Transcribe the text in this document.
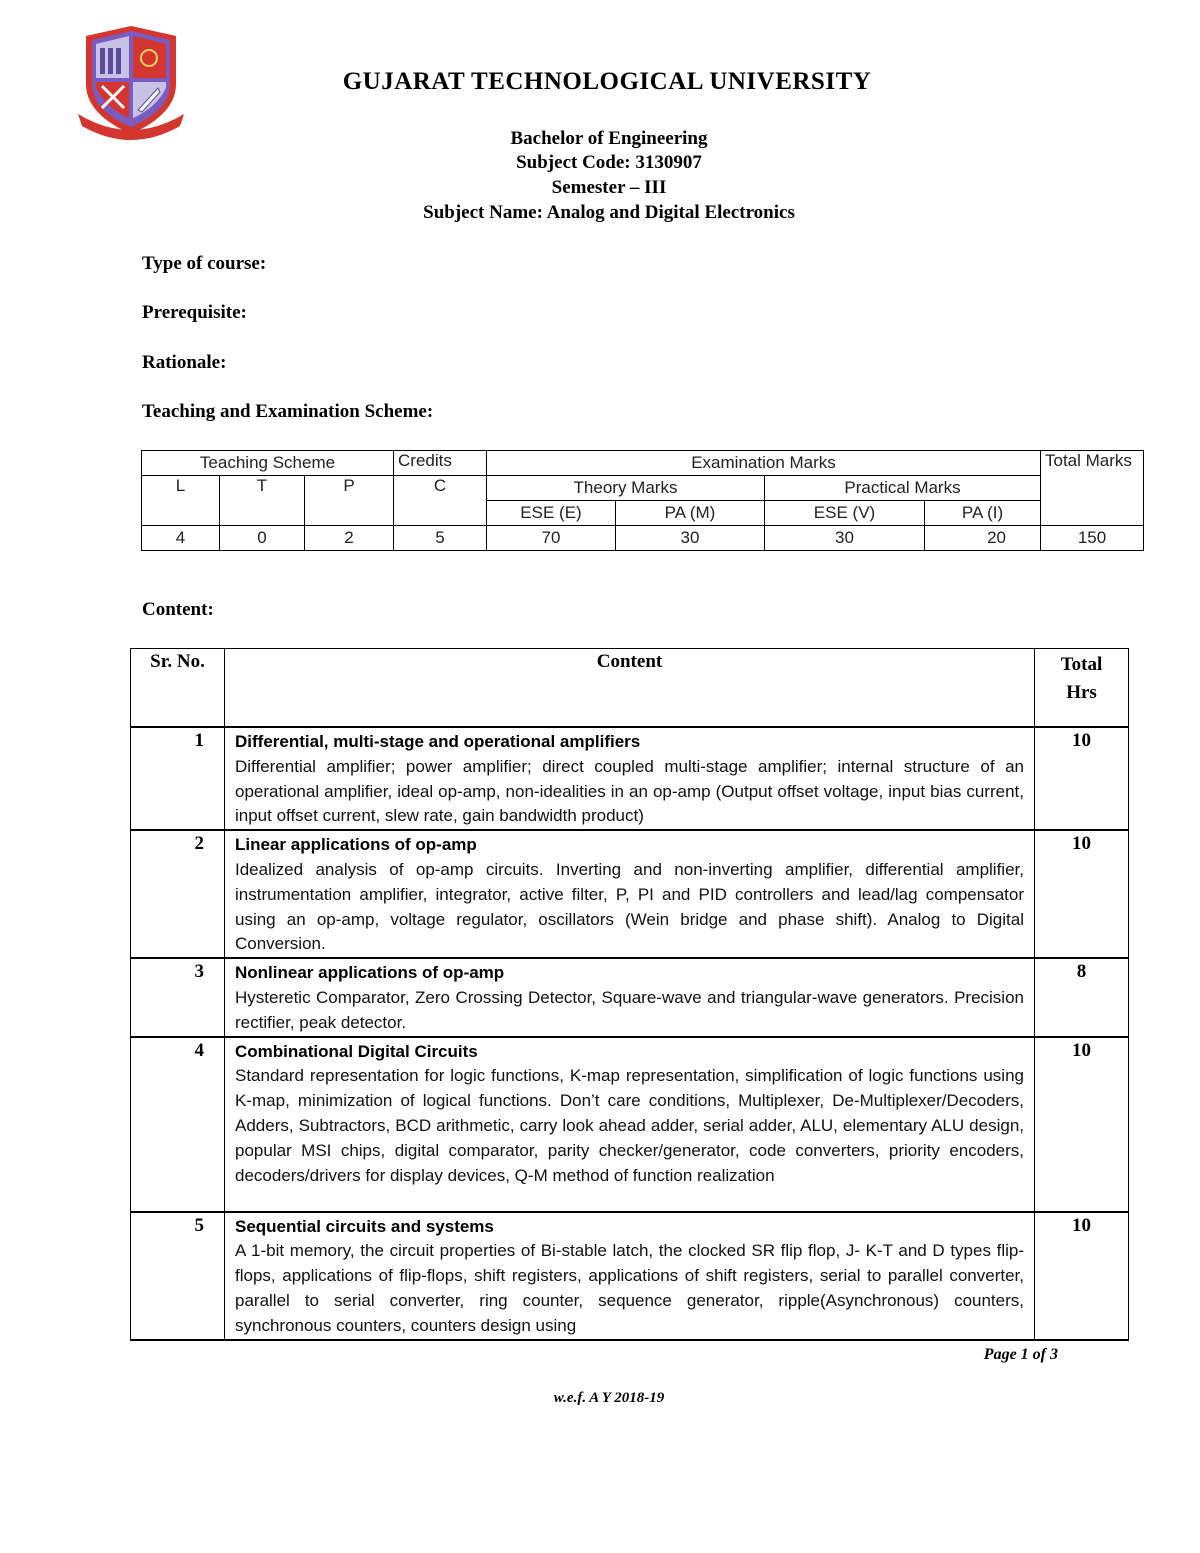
GUJARAT TECHNOLOGICAL UNIVERSITY
Bachelor of Engineering
Subject Code: 3130907
Semester – III
Subject Name: Analog and Digital Electronics
Type of course:
Prerequisite:
Rationale:
Teaching and Examination Scheme:
Teaching Scheme			Credits	Examination Marks				Total Marks
L	T	P	C	Theory Marks		Practical Marks		
				ESE (E)	PA (M)	ESE (V)	PA (I)	
4	0	2	5	70	30	30	20	150
Content:
Sr. No.	Content	Total
Hrs
1	Differential, multi-stage and operational amplifiers
Differential amplifier; power amplifier; direct coupled multi-stage amplifier; internal structure of an operational amplifier, ideal op-amp, non-idealities in an op-amp (Output offset voltage, input bias current, input offset current, slew rate, gain bandwidth product)	10
2	Linear applications of op-amp
Idealized analysis of op-amp circuits. Inverting and non-inverting amplifier, differential amplifier, instrumentation amplifier, integrator, active filter, P, PI and PID controllers and lead/lag compensator using an op-amp, voltage regulator, oscillators (Wein bridge and phase shift). Analog to Digital Conversion.	10
3	Nonlinear applications of op-amp
Hysteretic Comparator, Zero Crossing Detector, Square-wave and triangular-wave generators. Precision rectifier, peak detector.	8
4	Combinational Digital Circuits
Standard representation for logic functions, K-map representation, simplification of logic functions using K-map, minimization of logical functions. Don’t care conditions, Multiplexer, De-Multiplexer/Decoders, Adders, Subtractors, BCD arithmetic, carry look ahead adder, serial adder, ALU, elementary ALU design, popular MSI chips, digital comparator, parity checker/generator, code converters, priority encoders, decoders/drivers for display devices, Q-M method of function realization	10
5	Sequential circuits and systems
A 1-bit memory, the circuit properties of Bi-stable latch, the clocked SR flip flop, J- K-T and D types flip-flops, applications of flip-flops, shift registers, applications of shift registers, serial to parallel converter, parallel to serial converter, ring counter, sequence generator, ripple(Asynchronous) counters, synchronous counters, counters design using	10
Page 1 of 3
w.e.f. A Y 2018-19
